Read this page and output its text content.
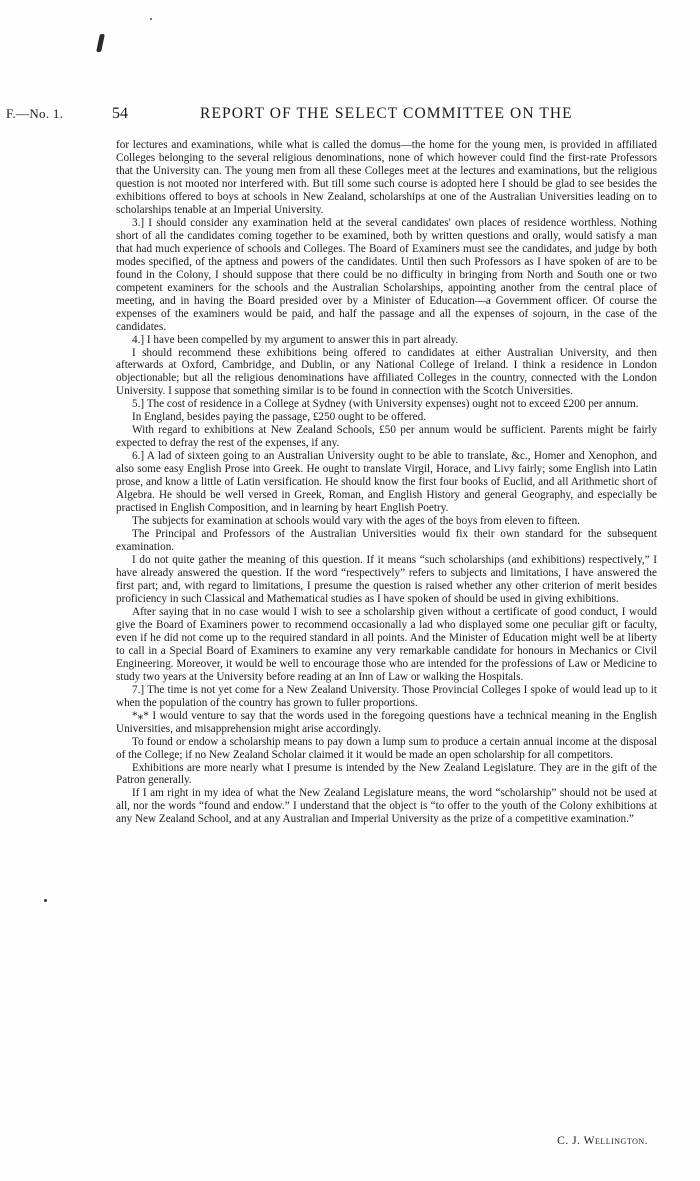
F.—No. 1.	54	REPORT OF THE SELECT COMMITTEE ON THE

for lectures and examinations, while what is called the domus—the home for the young men, is provided in affiliated Colleges belonging to the several religious denominations, none of which however could find the first-rate Professors that the University can. The young men from all these Colleges meet at the lectures and examinations, but the religious question is not mooted nor interfered with. But till some such course is adopted here I should be glad to see besides the exhibitions offered to boys at schools in New Zealand, scholarships at one of the Australian Universities leading on to scholarships tenable at an Imperial University.

3.] I should consider any examination held at the several candidates' own places of residence worthless. Nothing short of all the candidates coming together to be examined, both by written questions and orally, would satisfy a man that had much experience of schools and Colleges. The Board of Examiners must see the candidates, and judge by both modes specified, of the aptness and powers of the candidates. Until then such Professors as I have spoken of are to be found in the Colony, I should suppose that there could be no difficulty in bringing from North and South one or two competent examiners for the schools and the Australian Scholarships, appointing another from the central place of meeting, and in having the Board presided over by a Minister of Education—a Government officer. Of course the expenses of the examiners would be paid, and half the passage and all the expenses of sojourn, in the case of the candidates.

4.] I have been compelled by my argument to answer this in part already.

I should recommend these exhibitions being offered to candidates at either Australian University, and then afterwards at Oxford, Cambridge, and Dublin, or any National College of Ireland. I think a residence in London objectionable; but all the religious denominations have affiliated Colleges in the country, connected with the London University. I suppose that something similar is to be found in connection with the Scotch Universities.

5.] The cost of residence in a College at Sydney (with University expenses) ought not to exceed £200 per annum.

In England, besides paying the passage, £250 ought to be offered.

With regard to exhibitions at New Zealand Schools, £50 per annum would be sufficient. Parents might be fairly expected to defray the rest of the expenses, if any.

6.] A lad of sixteen going to an Australian University ought to be able to translate, &c., Homer and Xenophon, and also some easy English Prose into Greek. He ought to translate Virgil, Horace, and Livy fairly; some English into Latin prose, and know a little of Latin versification. He should know the first four books of Euclid, and all Arithmetic short of Algebra. He should be well versed in Greek, Roman, and English History and general Geography, and especially be practised in English Composition, and in learning by heart English Poetry.

The subjects for examination at schools would vary with the ages of the boys from eleven to fifteen.

The Principal and Professors of the Australian Universities would fix their own standard for the subsequent examination.

I do not quite gather the meaning of this question. If it means “such scholarships (and exhibitions) respectively,” I have already answered the question. If the word “respectively” refers to subjects and limitations, I have answered the first part; and, with regard to limitations, I presume the question is raised whether any other criterion of merit besides proficiency in such Classical and Mathematical studies as I have spoken of should be used in giving exhibitions.

After saying that in no case would I wish to see a scholarship given without a certificate of good conduct, I would give the Board of Examiners power to recommend occasionally a lad who displayed some one peculiar gift or faculty, even if he did not come up to the required standard in all points. And the Minister of Education might well be at liberty to call in a Special Board of Examiners to examine any very remarkable candidate for honours in Mechanics or Civil Engineering. Moreover, it would be well to encourage those who are intended for the professions of Law or Medicine to study two years at the University before reading at an Inn of Law or walking the Hospitals.

7.] The time is not yet come for a New Zealand University. Those Provincial Colleges I spoke of would lead up to it when the population of the country has grown to fuller proportions.

*⁎* I would venture to say that the words used in the foregoing questions have a technical meaning in the English Universities, and misapprehension might arise accordingly.

To found or endow a scholarship means to pay down a lump sum to produce a certain annual income at the disposal of the College; if no New Zealand Scholar claimed it it would be made an open scholarship for all competitors.

Exhibitions are more nearly what I presume is intended by the New Zealand Legislature. They are in the gift of the Patron generally.

If I am right in my idea of what the New Zealand Legislature means, the word “scholarship” should not be used at all, nor the words “found and endow.” I understand that the object is “to offer to the youth of the Colony exhibitions at any New Zealand School, and at any Australian and Imperial University as the prize of a competitive examination.”

C. J. Wellington.
